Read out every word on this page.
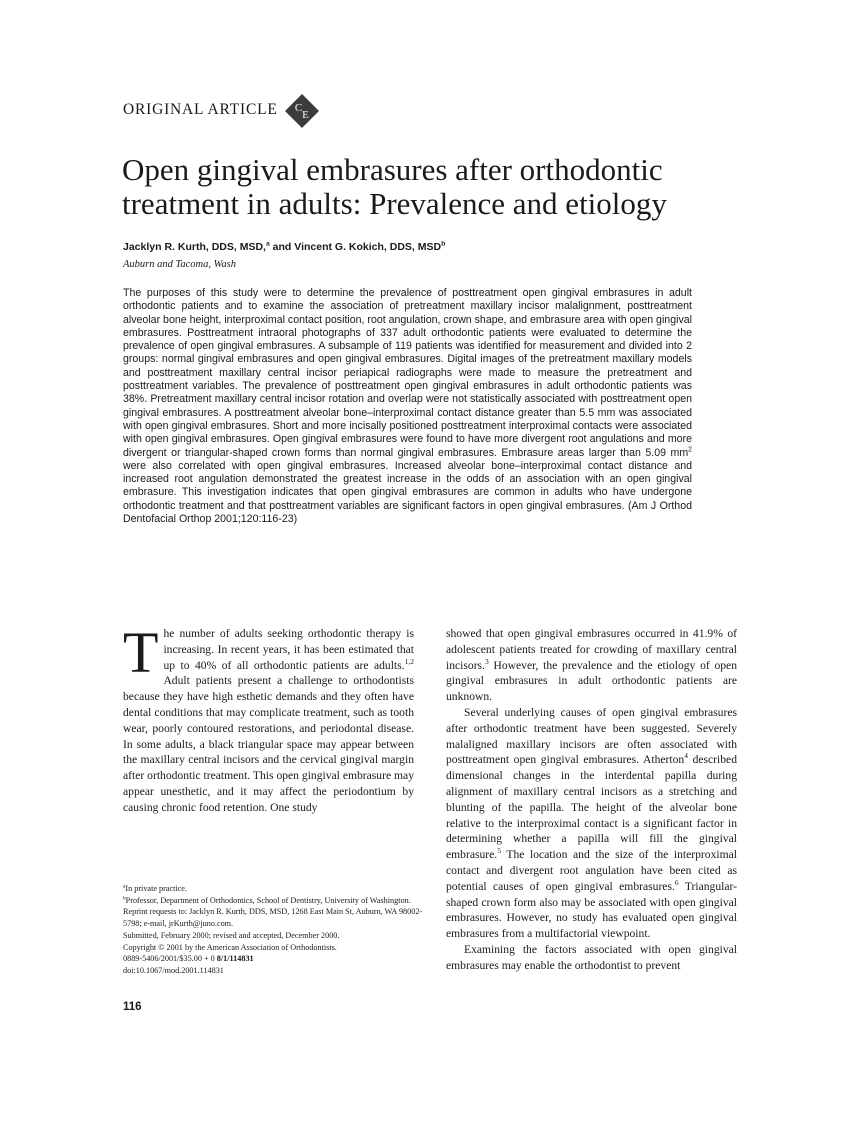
ORIGINAL ARTICLE C
E
Open gingival embrasures after orthodontic treatment in adults: Prevalence and etiology
Jacklyn R. Kurth, DDS, MSD,$^a$ and Vincent G. Kokich, DDS, MSD$^b$
Auburn and Tacoma, Wash

The purposes of this study were to determine the prevalence of posttreatment open gingival embrasures in adult orthodontic patients and to examine the association of pretreatment maxillary incisor malalignment, posttreatment alveolar bone height, interproximal contact position, root angulation, crown shape, and embrasure area with open gingival embrasures. Posttreatment intraoral photographs of 337 adult orthodontic patients were evaluated to determine the prevalence of open gingival embrasures. A subsample of 119 patients was identified for measurement and divided into 2 groups: normal gingival embrasures and open gingival embrasures. Digital images of the pretreatment maxillary models and posttreatment maxillary central incisor periapical radiographs were made to measure the pretreatment and posttreatment variables. The prevalence of posttreatment open gingival embrasures in adult orthodontic patients was 38%. Pretreatment maxillary central incisor rotation and overlap were not statistically associated with posttreatment open gingival embrasures. A posttreatment alveolar bone–interproximal contact distance greater than 5.5 mm was associated with open gingival embrasures. Short and more incisally positioned posttreatment interproximal contacts were associated with open gingival embrasures. Open gingival embrasures were found to have more divergent root angulations and more divergent or triangular-shaped crown forms than normal gingival embrasures. Embrasure areas larger than 5.09 $mm^2$ were also correlated with open gingival embrasures. Increased alveolar bone–interproximal contact distance and increased root angulation demonstrated the greatest increase in the odds of an association with an open gingival embrasure. This investigation indicates that open gingival embrasures are common in adults who have undergone orthodontic treatment and that posttreatment variables are significant factors in open gingival embrasures. (Am J Orthod Dentofacial Orthop 2001;120:116-23)

The number of adults seeking orthodontic therapy is increasing. In recent years, it has been estimated that up to 40% of all orthodontic patients are adults.$^{1,2}$ Adult patients present a challenge to orthodontists because they have high esthetic demands and they often have dental conditions that may complicate treatment, such as tooth wear, poorly contoured restorations, and periodontal disease. In some adults, a black triangular space may appear between the maxillary central incisors and the cervical gingival margin after orthodontic treatment. This open gingival embrasure may appear unesthetic, and it may affect the periodontium by causing chronic food retention. One study

showed that open gingival embrasures occurred in 41.9% of adolescent patients treated for crowding of maxillary central incisors.$^3$ However, the prevalence and the etiology of open gingival embrasures in adult orthodontic patients are unknown.

Several underlying causes of open gingival embrasures after orthodontic treatment have been suggested. Severely malaligned maxillary incisors are often associated with posttreatment open gingival embrasures. Atherton$^4$ described dimensional changes in the interdental papilla during alignment of maxillary central incisors as a stretching and blunting of the papilla. The height of the alveolar bone relative to the interproximal contact is a significant factor in determining whether a papilla will fill the gingival embrasure.$^5$ The location and the size of the interproximal contact and divergent root angulation have been cited as potential causes of open gingival embrasures.$^6$ Triangular-shaped crown form also may be associated with open gingival embrasures. However, no study has evaluated open gingival embrasures from a multifactorial viewpoint.

Examining the factors associated with open gingival embrasures may enable the orthodontist to prevent

$^a$In private practice.
$^b$Professor, Department of Orthodontics, School of Dentistry, University of Washington.
Reprint requests to: Jacklyn R. Kurth, DDS, MSD, 1268 East Main St, Auburn, WA 98002-5798; e-mail, jrKurth@juno.com.
Submitted, February 2000; revised and accepted, December 2000.
Copyright © 2001 by the American Association of Orthodontists.
0889-5406/2001/$35.00 + 0 8/1/114831
doi:10.1067/mod.2001.114831
116
